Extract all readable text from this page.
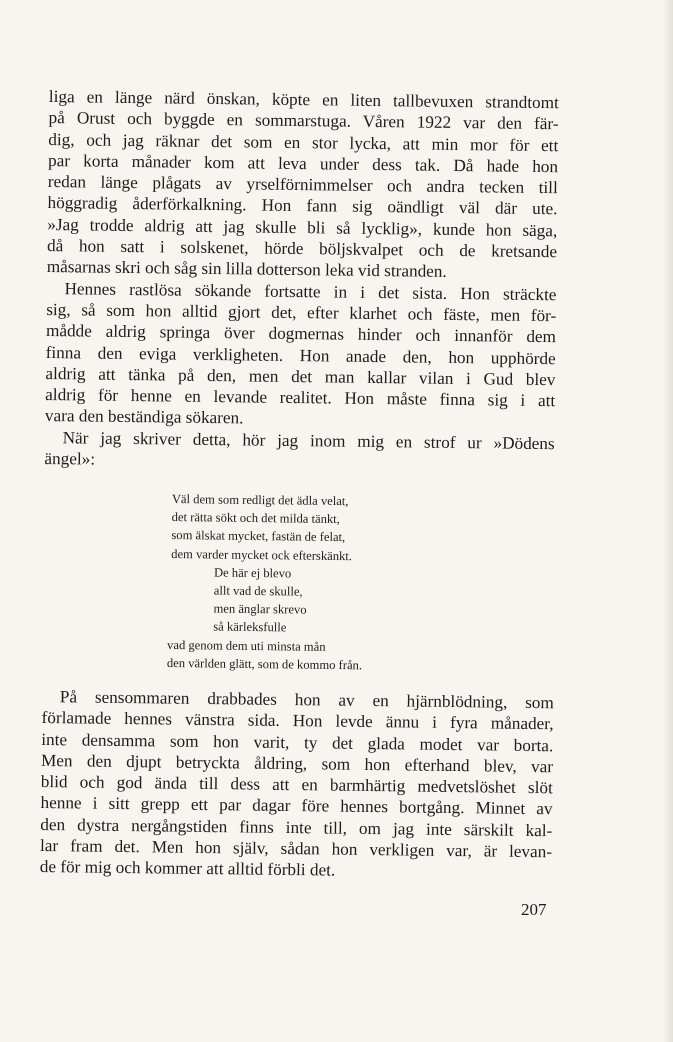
liga en länge närd önskan, köpte en liten tallbevuxen strandtomt
på Orust och byggde en sommarstuga. Våren 1922 var den fär-
dig, och jag räknar det som en stor lycka, att min mor för ett
par korta månader kom att leva under dess tak. Då hade hon
redan länge plågats av yrselförnimmelser och andra tecken till
höggradig åderförkalkning. Hon fann sig oändligt väl där ute.
»Jag trodde aldrig att jag skulle bli så lycklig», kunde hon säga,
då hon satt i solskenet, hörde böljskvalpet och de kretsande
måsarnas skri och såg sin lilla dotterson leka vid stranden.
Hennes rastlösa sökande fortsatte in i det sista. Hon sträckte
sig, så som hon alltid gjort det, efter klarhet och fäste, men för-
mådde aldrig springa över dogmernas hinder och innanför dem
finna den eviga verkligheten. Hon anade den, hon upphörde
aldrig att tänka på den, men det man kallar vilan i Gud blev
aldrig för henne en levande realitet. Hon måste finna sig i att
vara den beständiga sökaren.
När jag skriver detta, hör jag inom mig en strof ur »Dödens
ängel»:
Väl dem som redligt det ädla velat,
det rätta sökt och det milda tänkt,
som älskat mycket, fastän de felat,
dem varder mycket ock efterskänkt.
De här ej blevo
allt vad de skulle,
men änglar skrevo
så kärleksfulle
vad genom dem uti minsta mån
den världen glätt, som de kommo från.
På sensommaren drabbades hon av en hjärnblödning, som
förlamade hennes vänstra sida. Hon levde ännu i fyra månader,
inte densamma som hon varit, ty det glada modet var borta.
Men den djupt betryckta åldring, som hon efterhand blev, var
blid och god ända till dess att en barmhärtig medvetslöshet slöt
henne i sitt grepp ett par dagar före hennes bortgång. Minnet av
den dystra nergångstiden finns inte till, om jag inte särskilt kal-
lar fram det. Men hon själv, sådan hon verkligen var, är levan-
de för mig och kommer att alltid förbli det.
207
